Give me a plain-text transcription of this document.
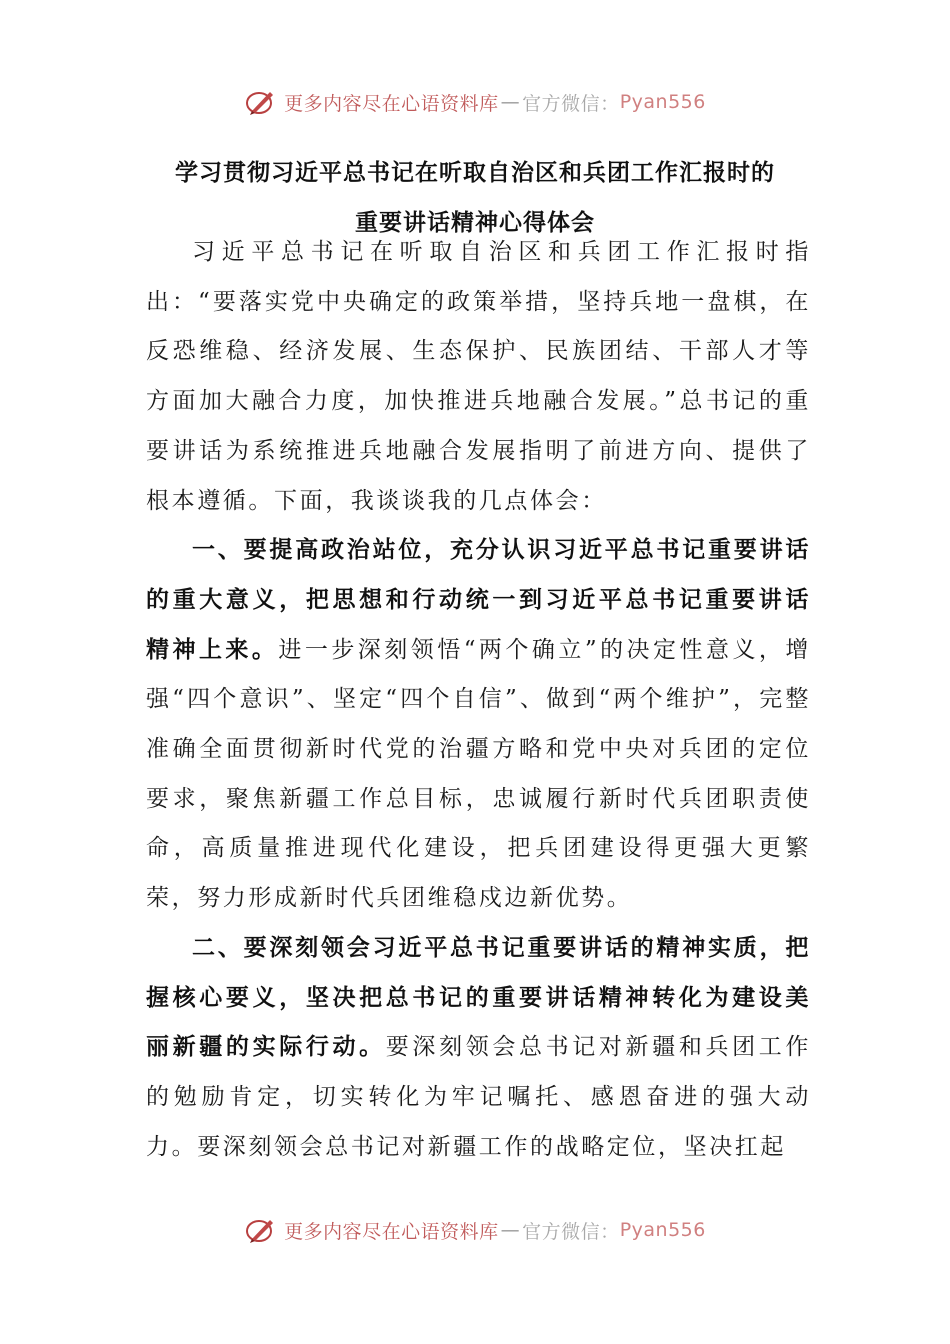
更多内容尽在心语资料库 — 官方微信： Pyan556
学习贯彻习近平总书记在听取自治区和兵团工作汇报时的
重要讲话精神心得体会

习近平总书记在听取自治区和兵团工作汇报时指出：“要落实党中央确定的政策举措，坚持兵地一盘棋，在反恐维稳、经济发展、生态保护、民族团结、干部人才等方面加大融合力度，加快推进兵地融合发展。”总书记的重要讲话为系统推进兵地融合发展指明了前进方向、提供了根本遵循。下面，我谈谈我的几点体会：

一、要提高政治站位，充分认识习近平总书记重要讲话的重大意义，把思想和行动统一到习近平总书记重要讲话精神上来。进一步深刻领悟“两个确立”的决定性意义，增强“四个意识”、坚定“四个自信”、做到“两个维护”，完整准确全面贯彻新时代党的治疆方略和党中央对兵团的定位要求，聚焦新疆工作总目标，忠诚履行新时代兵团职责使命，高质量推进现代化建设，把兵团建设得更强大更繁荣，努力形成新时代兵团维稳戍边新优势。

二、要深刻领会习近平总书记重要讲话的精神实质，把握核心要义，坚决把总书记的重要讲话精神转化为建设美丽新疆的实际行动。要深刻领会总书记对新疆和兵团工作的勉励肯定，切实转化为牢记嘱托、感恩奋进的强大动力。要深刻领会总书记对新疆工作的战略定位，坚决扛起

更多内容尽在心语资料库 — 官方微信： Pyan556
